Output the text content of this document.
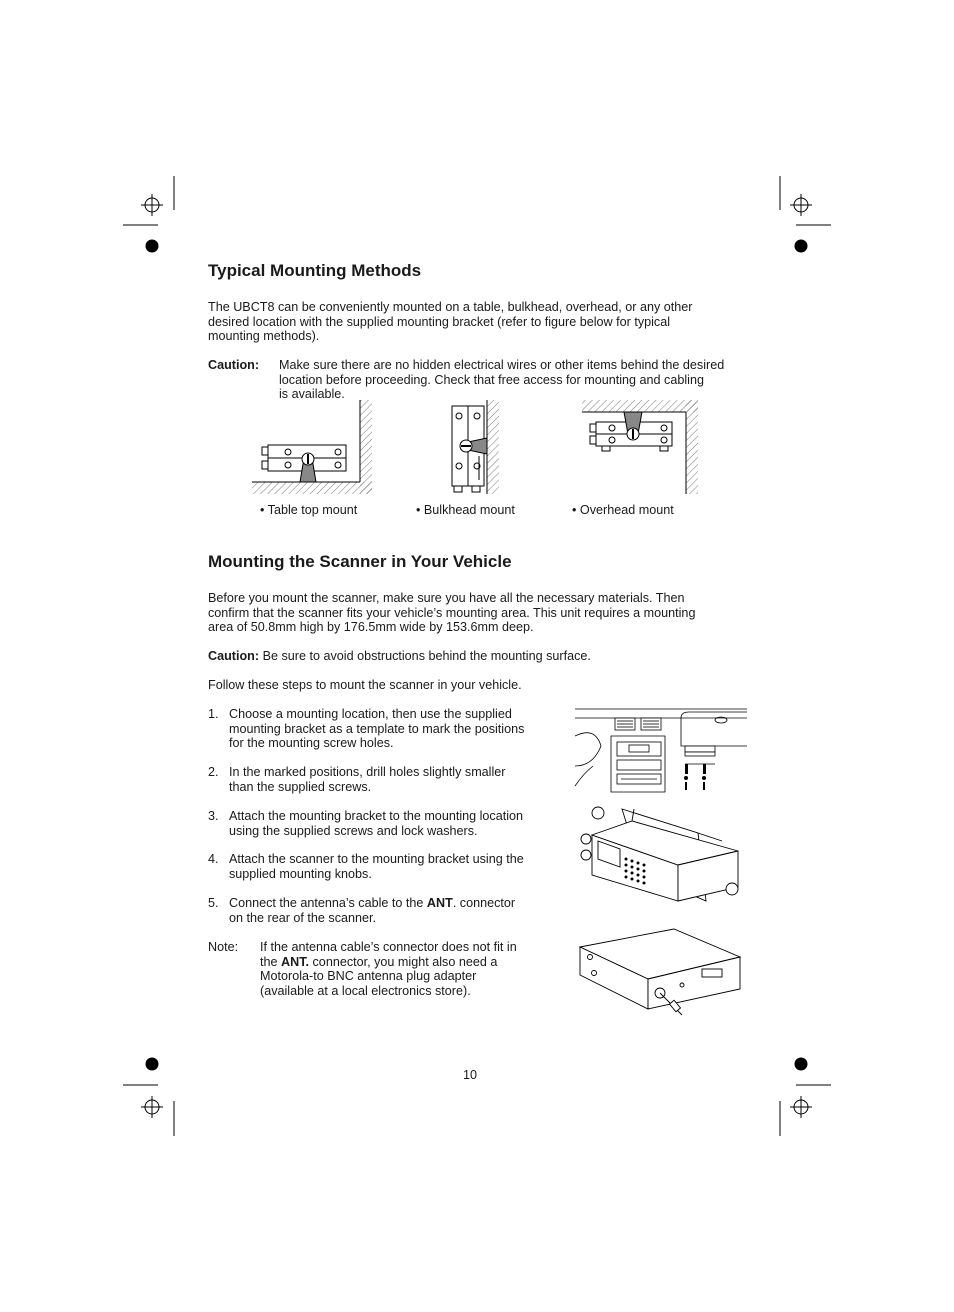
Typical Mounting Methods
The UBCT8 can be conveniently mounted on a table, bulkhead, overhead, or any other
desired location with the supplied mounting bracket (refer to figure below for typical
mounting methods).
Caution: Make sure there are no hidden electrical wires or other items behind the desired
location before proceeding. Check that free access for mounting and cabling
is available.
• Table top mount	• Bulkhead mount	• Overhead mount
Mounting the Scanner in Your Vehicle
Before you mount the scanner, make sure you have all the necessary materials. Then
confirm that the scanner fits your vehicle’s mounting area. This unit requires a mounting
area of 50.8mm high by 176.5mm wide by 153.6mm deep.
Caution: Be sure to avoid obstructions behind the mounting surface.
Follow these steps to mount the scanner in your vehicle.
1. Choose a mounting location, then use the supplied
mounting bracket as a template to mark the positions
for the mounting screw holes.
2. In the marked positions, drill holes slightly smaller
than the supplied screws.
3. Attach the mounting bracket to the mounting location
using the supplied screws and lock washers.
4. Attach the scanner to the mounting bracket using the
supplied mounting knobs.
5. Connect the antenna’s cable to the ANT. connector
on the rear of the scanner.
Note: If the antenna cable’s connector does not fit in
the ANT. connector, you might also need a
Motorola-to BNC antenna plug adapter
(available at a local electronics store).
10
